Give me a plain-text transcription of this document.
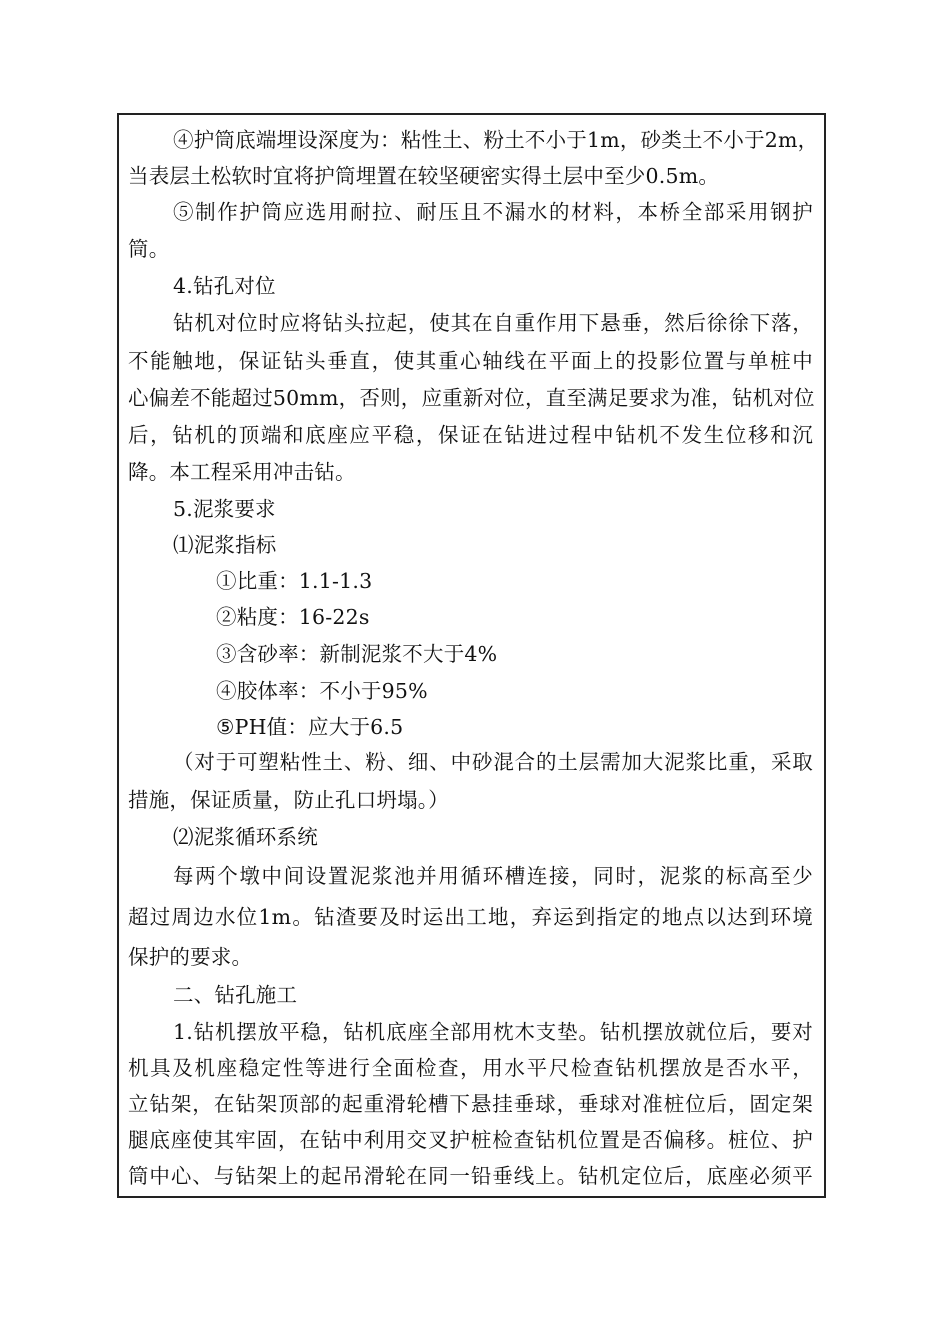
④护筒底端埋设深度为：粘性土、粉土不小于1m，砂类土不小于2m，
当表层土松软时宜将护筒埋置在较坚硬密实得土层中至少0.5m。
⑤制作护筒应选用耐拉、耐压且不漏水的材料，本桥全部采用钢护
筒。
4.钻孔对位
钻机对位时应将钻头拉起，使其在自重作用下悬垂，然后徐徐下落，
不能触地，保证钻头垂直，使其重心轴线在平面上的投影位置与单桩中
心偏差不能超过50mm，否则，应重新对位，直至满足要求为准，钻机对位
后，钻机的顶端和底座应平稳，保证在钻进过程中钻机不发生位移和沉
降。本工程采用冲击钻。
5.泥浆要求
⑴泥浆指标
①比重：1.1-1.3
②粘度：16-22s
③含砂率：新制泥浆不大于4%
④胶体率：不小于95%
⑤PH值：应大于6.5
（对于可塑粘性土、粉、细、中砂混合的土层需加大泥浆比重，采取
措施，保证质量，防止孔口坍塌。）
⑵泥浆循环系统
每两个墩中间设置泥浆池并用循环槽连接，同时，泥浆的标高至少
超过周边水位1m。钻渣要及时运出工地，弃运到指定的地点以达到环境
保护的要求。
二、钻孔施工
1.钻机摆放平稳，钻机底座全部用枕木支垫。钻机摆放就位后，要对
机具及机座稳定性等进行全面检查，用水平尺检查钻机摆放是否水平，
立钻架，在钻架顶部的起重滑轮槽下悬挂垂球，垂球对准桩位后，固定架
腿底座使其牢固，在钻中利用交叉护桩检查钻机位置是否偏移。桩位、护
筒中心、与钻架上的起吊滑轮在同一铅垂线上。钻机定位后，底座必须平
